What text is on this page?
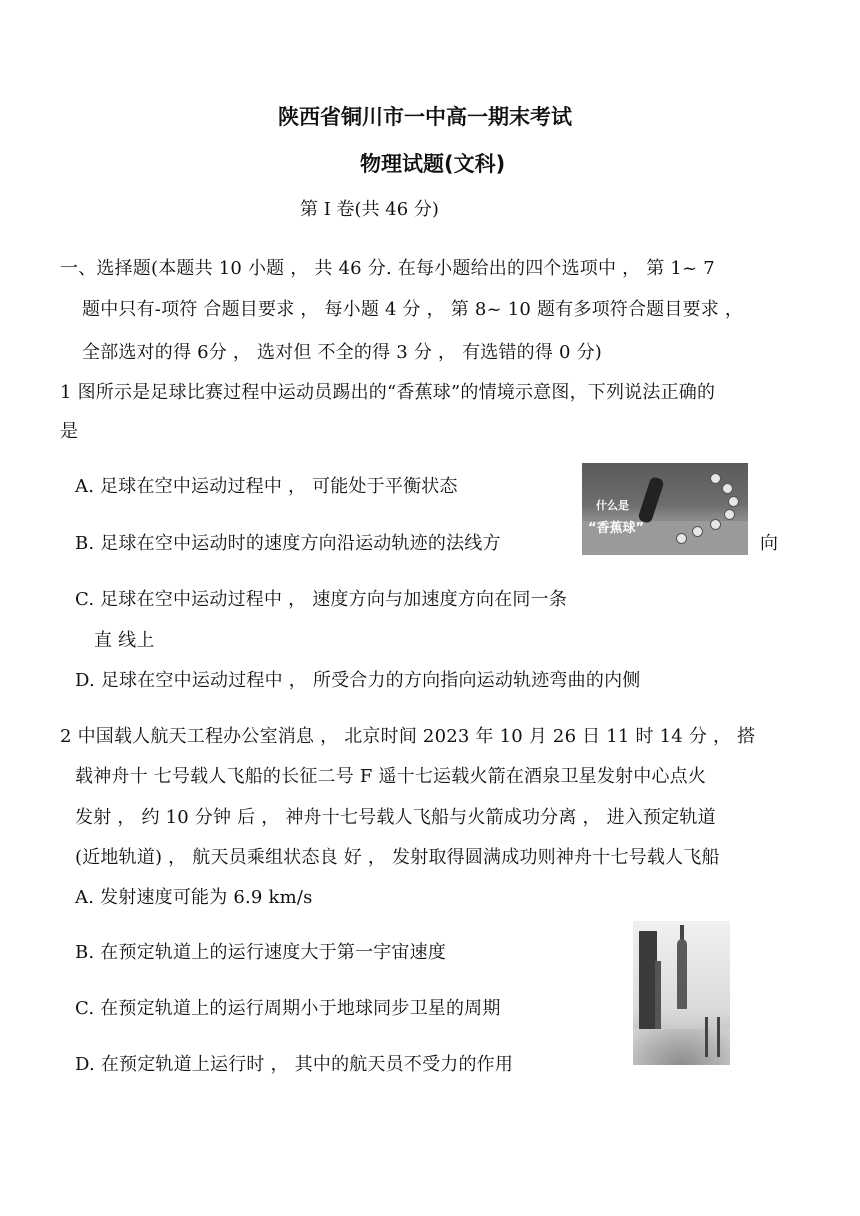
陕西省铜川市一中高一期末考试
物理试题(文科)
第 Ⅰ 卷(共 46 分)
一、选择题(本题共 10 小题 ， 共 46 分. 在每小题给出的四个选项中 ， 第 1~ 7
题中只有-项符 合题目要求 ， 每小题 4 分 ， 第 8~ 10 题有多项符合题目要求 ，
全部选对的得 6分 ， 选对但 不全的得 3 分 ， 有选错的得 0 分)
1 图所示是足球比赛过程中运动员踢出的“香蕉球”的情境示意图，下列说法正确的
是
A. 足球在空中运动过程中 ， 可能处于平衡状态
B. 足球在空中运动时的速度方向沿运动轨迹的法线方	向
C. 足球在空中运动过程中 ， 速度方向与加速度方向在同一条
直 线上
D. 足球在空中运动过程中 ， 所受合力的方向指向运动轨迹弯曲的内侧
什么是
“香蕉球”
2 中国载人航天工程办公室消息 ， 北京时间 2023 年 10 月 26 日 11 时 14 分 ， 搭
载神舟十 七号载人飞船的长征二号 F 遥十七运载火箭在酒泉卫星发射中心点火
发射 ， 约 10 分钟 后 ， 神舟十七号载人飞船与火箭成功分离 ， 进入预定轨道
(近地轨道) ， 航天员乘组状态良 好 ， 发射取得圆满成功则神舟十七号载人飞船
A. 发射速度可能为 6.9 km/s
B. 在预定轨道上的运行速度大于第一宇宙速度
C. 在预定轨道上的运行周期小于地球同步卫星的周期
D. 在预定轨道上运行时 ， 其中的航天员不受力的作用
